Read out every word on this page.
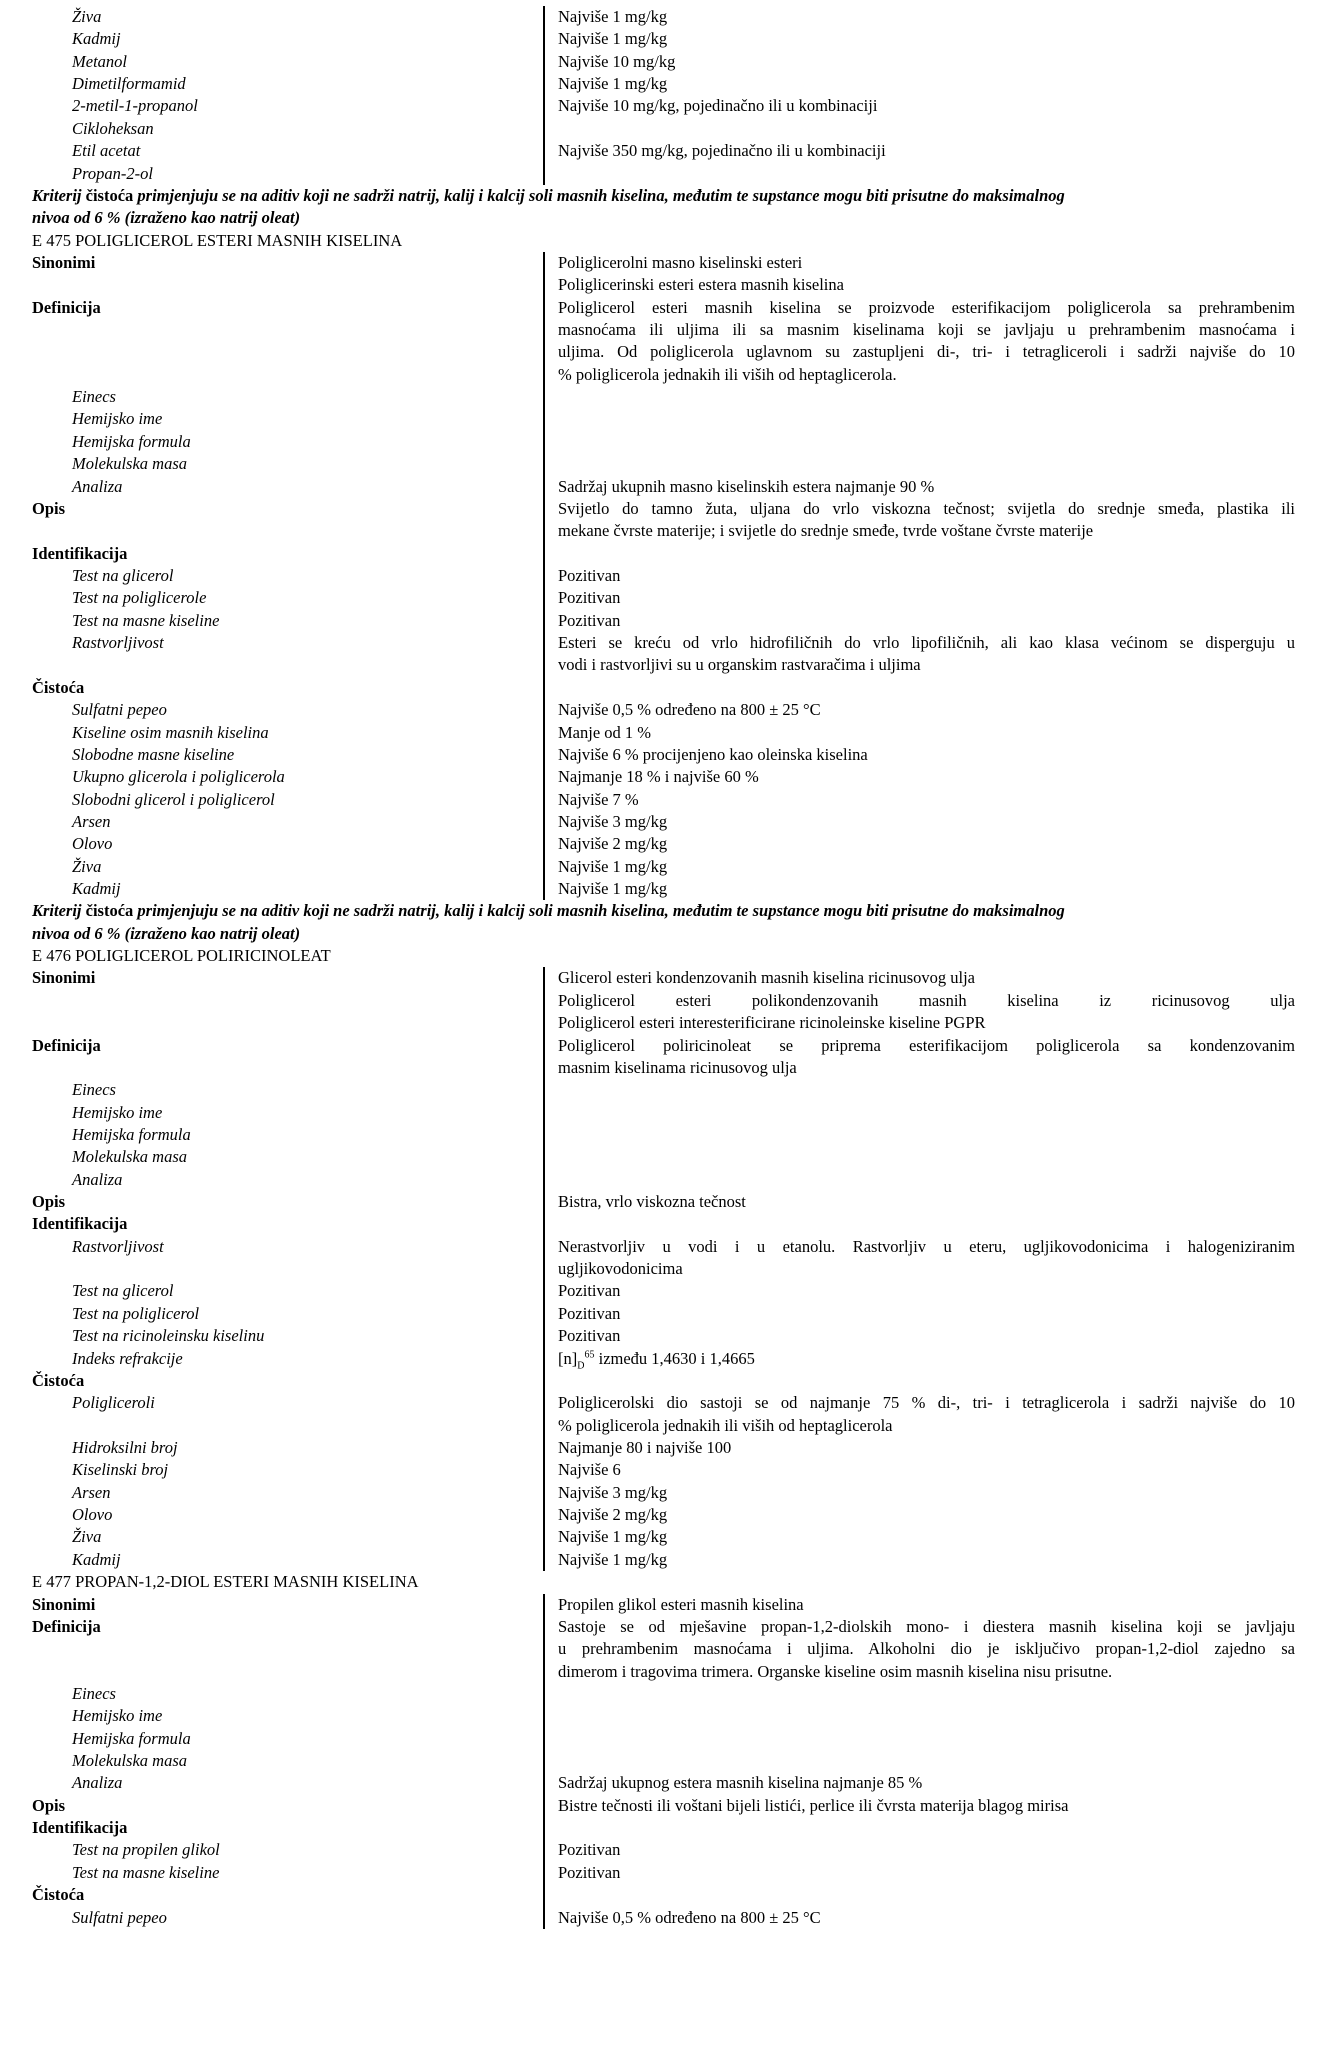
Živa	Najviše 1 mg/kg
Kadmij	Najviše 1 mg/kg
Metanol	Najviše 10 mg/kg
Dimetilformamid	Najviše 1 mg/kg
2-metil-1-propanol	Najviše 10 mg/kg, pojedinačno ili u kombinaciji
Cikloheksan
Etil acetat	Najviše 350 mg/kg, pojedinačno ili u kombinaciji
Propan-2-ol
Kriterij čistoća primjenjuju se na aditiv koji ne sadrži natrij, kalij i kalcij soli masnih kiselina, međutim te supstance mogu biti prisutne do maksimalnog
nivoa od 6 % (izraženo kao natrij oleat)
E 475 POLIGLICEROL ESTERI MASNIH KISELINA
Sinonimi	Poliglicerolni masno kiselinski esteri
Poliglicerinski esteri estera masnih kiselina
Definicija	Poliglicerol esteri masnih kiselina se proizvode esterifikacijom poliglicerola sa prehrambenim
masnoćama ili uljima ili sa masnim kiselinama koji se javljaju u prehrambenim masnoćama i
uljima. Od poliglicerola uglavnom su zastupljeni di-, tri- i tetragliceroli i sadrži najviše do 10
% poliglicerola jednakih ili viših od heptaglicerola.
Einecs
Hemijsko ime
Hemijska formula
Molekulska masa
Analiza	Sadržaj ukupnih masno kiselinskih estera najmanje 90 %
Opis	Svijetlo do tamno žuta, uljana do vrlo viskozna tečnost; svijetla do srednje smeđa, plastika ili
mekane čvrste materije; i svijetle do srednje smeđe, tvrde voštane čvrste materije
Identifikacija
Test na glicerol	Pozitivan
Test na poliglicerole	Pozitivan
Test na masne kiseline	Pozitivan
Rastvorljivost	Esteri se kreću od vrlo hidrofiličnih do vrlo lipofiličnih, ali kao klasa većinom se disperguju u
vodi i rastvorljivi su u organskim rastvaračima i uljima
Čistoća
Sulfatni pepeo	Najviše 0,5 % određeno na 800 ± 25 °C
Kiseline osim masnih kiselina	Manje od 1 %
Slobodne masne kiseline	Najviše 6 % procijenjeno kao oleinska kiselina
Ukupno glicerola i poliglicerola	Najmanje 18 % i najviše 60 %
Slobodni glicerol i poliglicerol	Najviše 7 %
Arsen	Najviše 3 mg/kg
Olovo	Najviše 2 mg/kg
Živa	Najviše 1 mg/kg
Kadmij	Najviše 1 mg/kg
Kriterij čistoća primjenjuju se na aditiv koji ne sadrži natrij, kalij i kalcij soli masnih kiselina, međutim te supstance mogu biti prisutne do maksimalnog
nivoa od 6 % (izraženo kao natrij oleat)
E 476 POLIGLICEROL POLIRICINOLEAT
Sinonimi	Glicerol esteri kondenzovanih masnih kiselina ricinusovog ulja
Poliglicerol esteri polikondenzovanih masnih kiselina iz ricinusovog ulja
Poliglicerol esteri interesterificirane ricinoleinske kiseline PGPR
Definicija	Poliglicerol poliricinoleat se priprema esterifikacijom poliglicerola sa kondenzovanim
masnim kiselinama ricinusovog ulja
Einecs
Hemijsko ime
Hemijska formula
Molekulska masa
Analiza
Opis	Bistra, vrlo viskozna tečnost
Identifikacija
Rastvorljivost	Nerastvorljiv u vodi i u etanolu. Rastvorljiv u eteru, ugljikovodonicima i halogeniziranim
ugljikovodonicima
Test na glicerol	Pozitivan
Test na poliglicerol	Pozitivan
Test na ricinoleinsku kiselinu	Pozitivan
Indeks refrakcije	$[n]_D^{65}$ između 1,4630 i 1,4665
Čistoća
Poligliceroli	Poliglicerolski dio sastoji se od najmanje 75 % di-, tri- i tetraglicerola i sadrži najviše do 10
% poliglicerola jednakih ili viših od heptaglicerola
Hidroksilni broj	Najmanje 80 i najviše 100
Kiselinski broj	Najviše 6
Arsen	Najviše 3 mg/kg
Olovo	Najviše 2 mg/kg
Živa	Najviše 1 mg/kg
Kadmij	Najviše 1 mg/kg
E 477 PROPAN-1,2-DIOL ESTERI MASNIH KISELINA
Sinonimi	Propilen glikol esteri masnih kiselina
Definicija	Sastoje se od mješavine propan-1,2-diolskih mono- i diestera masnih kiselina koji se javljaju
u prehrambenim masnoćama i uljima. Alkoholni dio je isključivo propan-1,2-diol zajedno sa
dimerom i tragovima trimera. Organske kiseline osim masnih kiselina nisu prisutne.
Einecs
Hemijsko ime
Hemijska formula
Molekulska masa
Analiza	Sadržaj ukupnog estera masnih kiselina najmanje 85 %
Opis	Bistre tečnosti ili voštani bijeli listići, perlice ili čvrsta materija blagog mirisa
Identifikacija
Test na propilen glikol	Pozitivan
Test na masne kiseline	Pozitivan
Čistoća
Sulfatni pepeo	Najviše 0,5 % određeno na 800 ± 25 °C
